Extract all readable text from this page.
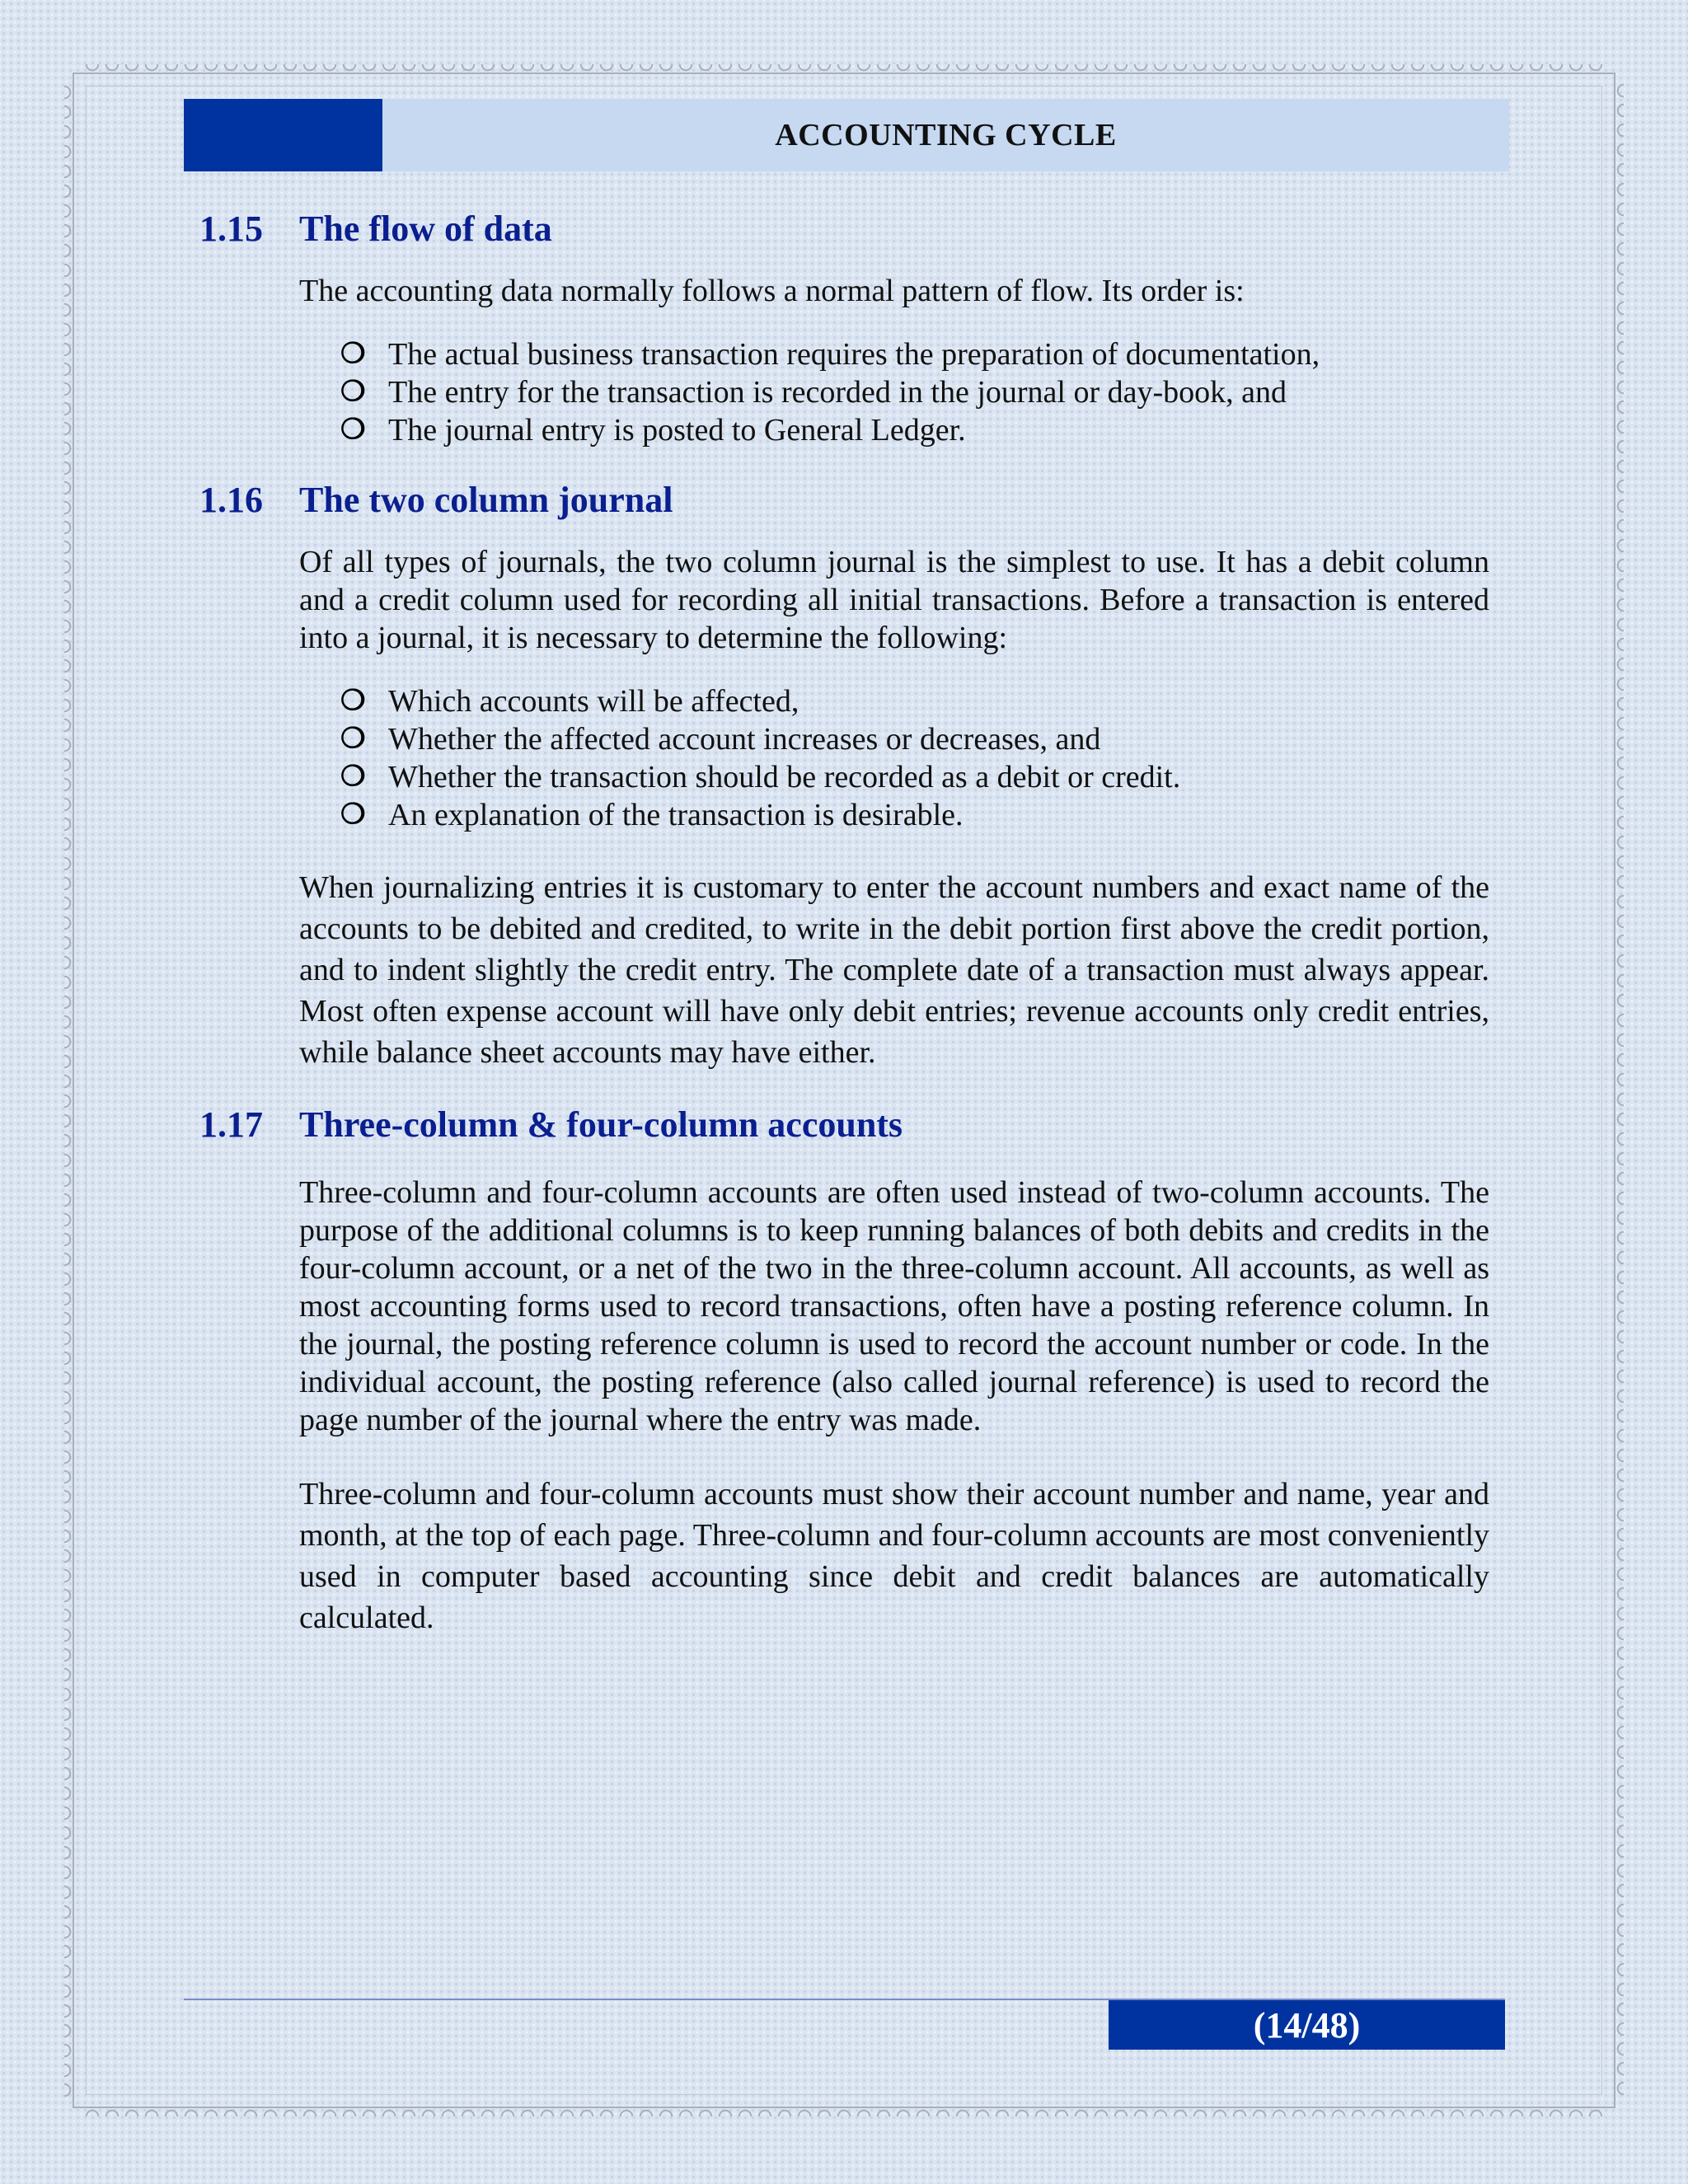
ACCOUNTING CYCLE
1.15	The flow of data

The accounting data normally follows a normal pattern of flow. Its order is:

❍ The actual business transaction requires the preparation of documentation,
❍ The entry for the transaction is recorded in the journal or day-book, and
❍ The journal entry is posted to General Ledger.
1.16	The two column journal

Of all types of journals, the two column journal is the simplest to use. It has a debit column and a credit column used for recording all initial transactions. Before a transaction is entered into a journal, it is necessary to determine the following:

❍ Which accounts will be affected,
❍ Whether the affected account increases or decreases, and
❍ Whether the transaction should be recorded as a debit or credit.
❍ An explanation of the transaction is desirable.

When journalizing entries it is customary to enter the account numbers and exact name of the accounts to be debited and credited, to write in the debit portion first above the credit portion, and to indent slightly the credit entry. The complete date of a transaction must always appear. Most often expense account will have only debit entries; revenue accounts only credit entries, while balance sheet accounts may have either.

1.17	Three-column & four-column accounts

Three-column and four-column accounts are often used instead of two-column accounts. The purpose of the additional columns is to keep running balances of both debits and credits in the four-column account, or a net of the two in the three-column account. All accounts, as well as most accounting forms used to record transactions, often have a posting reference column. In the journal, the posting reference column is used to record the account number or code. In the individual account, the posting reference (also called journal reference) is used to record the page number of the journal where the entry was made.

Three-column and four-column accounts must show their account number and name, year and month, at the top of each page. Three-column and four-column accounts are most conveniently used in computer based accounting since debit and credit balances are automatically calculated.

(14/48)
